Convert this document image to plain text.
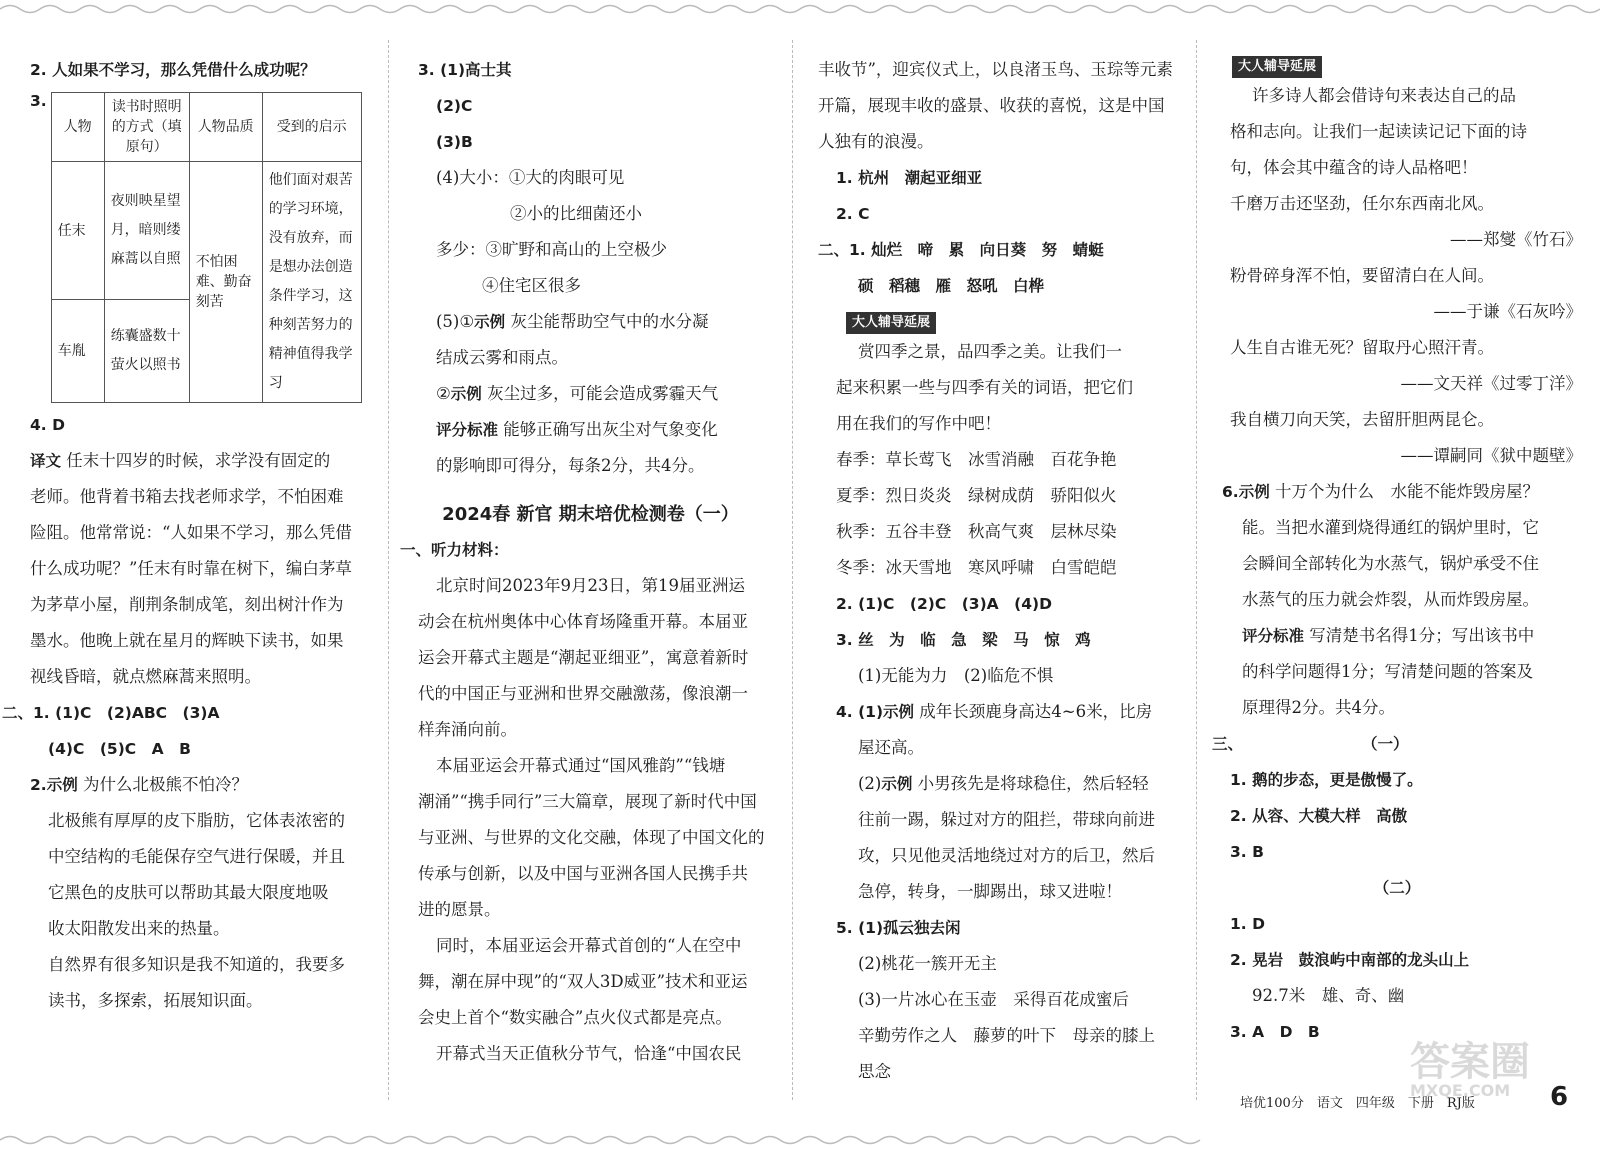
2. 人如果不学习，那么凭借什么成功呢？

3.
人物	读书时照明的方式（填原句）	人物品质	受到的启示
任末	夜则映星望月，暗则缕麻蒿以自照	不怕困难、勤奋刻苦	他们面对艰苦的学习环境，没有放弃，而是想办法创造条件学习，这种刻苦努力的精神值得我学习
车胤	练囊盛数十萤火以照书		

4. D

译文 任末十四岁的时候，求学没有固定的

老师。他背着书箱去找老师求学，不怕困难

险阻。他常常说：“人如果不学习，那么凭借

什么成功呢？”任末有时靠在树下，编白茅草

为茅草小屋，削荆条制成笔，刻出树汁作为

墨水。他晚上就在星月的辉映下读书，如果

视线昏暗，就点燃麻蒿来照明。

二、1. (1)C　(2)ABC　(3)A

(4)C　(5)C　A　B

2.示例 为什么北极熊不怕冷？

北极熊有厚厚的皮下脂肪，它体表浓密的

中空结构的毛能保存空气进行保暖，并且

它黑色的皮肤可以帮助其最大限度地吸

收太阳散发出来的热量。

自然界有很多知识是我不知道的，我要多

读书，多探索，拓展知识面。

3. (1)高士其

(2)C

(3)B

(4)大小：①大的肉眼可见

②小的比细菌还小

多少：③旷野和高山的上空极少

④住宅区很多

(5)①示例 灰尘能帮助空气中的水分凝

结成云雾和雨点。

②示例 灰尘过多，可能会造成雾霾天气

评分标准 能够正确写出灰尘对气象变化

的影响即可得分，每条2分，共4分。

2024春 新官 期末培优检测卷（一）

一、听力材料：

北京时间2023年9月23日，第19届亚洲运

动会在杭州奥体中心体育场隆重开幕。本届亚

运会开幕式主题是“潮起亚细亚”，寓意着新时

代的中国正与亚洲和世界交融激荡，像浪潮一

样奔涌向前。

本届亚运会开幕式通过“国风雅韵”“钱塘

潮涌”“携手同行”三大篇章，展现了新时代中国

与亚洲、与世界的文化交融，体现了中国文化的

传承与创新，以及中国与亚洲各国人民携手共

进的愿景。

同时，本届亚运会开幕式首创的“人在空中

舞，潮在屏中现”的“双人3D威亚”技术和亚运

会史上首个“数实融合”点火仪式都是亮点。

开幕式当天正值秋分节气，恰逢“中国农民

丰收节”，迎宾仪式上，以良渚玉鸟、玉琮等元素

开篇，展现丰收的盛景、收获的喜悦，这是中国

人独有的浪漫。

1. 杭州　潮起亚细亚

2. C

二、1. 灿烂　啼　累　向日葵　努　蜻蜓

硕　稻穗　雁　怒吼　白桦

大人辅导延展

赏四季之景，品四季之美。让我们一

起来积累一些与四季有关的词语，把它们

用在我们的写作中吧！

春季：草长莺飞　冰雪消融　百花争艳

夏季：烈日炎炎　绿树成荫　骄阳似火

秋季：五谷丰登　秋高气爽　层林尽染

冬季：冰天雪地　寒风呼啸　白雪皑皑

2. (1)C　(2)C　(3)A　(4)D

3. 丝　为　临　急　梁　马　惊　鸡

(1)无能为力　(2)临危不惧

4. (1)示例 成年长颈鹿身高达4~6米，比房

屋还高。

(2)示例 小男孩先是将球稳住，然后轻轻

往前一踢，躲过对方的阻拦，带球向前进

攻，只见他灵活地绕过对方的后卫，然后

急停，转身，一脚踢出，球又进啦！

5. (1)孤云独去闲

(2)桃花一簇开无主

(3)一片冰心在玉壶　采得百花成蜜后

辛勤劳作之人　藤萝的叶下　母亲的膝上

思念

大人辅导延展

许多诗人都会借诗句来表达自己的品

格和志向。让我们一起读读记记下面的诗

句，体会其中蕴含的诗人品格吧！

千磨万击还坚劲，任尔东西南北风。

——郑燮《竹石》

粉骨碎身浑不怕，要留清白在人间。

——于谦《石灰吟》

人生自古谁无死？留取丹心照汗青。

——文天祥《过零丁洋》

我自横刀向天笑，去留肝胆两昆仑。

——谭嗣同《狱中题壁》

6.示例 十万个为什么　水能不能炸毁房屋？

能。当把水灌到烧得通红的锅炉里时，它

会瞬间全部转化为水蒸气，锅炉承受不住

水蒸气的压力就会炸裂，从而炸毁房屋。

评分标准 写清楚书名得1分；写出该书中

的科学问题得1分；写清楚问题的答案及

原理得2分。共4分。

三、	（一）

1. 鹅的步态，更是傲慢了。

2. 从容、大模大样　高傲

3. B

（二）

1. D

2. 晃岩　鼓浪屿中南部的龙头山上

92.7米　雄、奇、幽

3. A　D　B

答案圈
MXQE.COM
培优100分　语文　四年级　下册　RJ版	6
